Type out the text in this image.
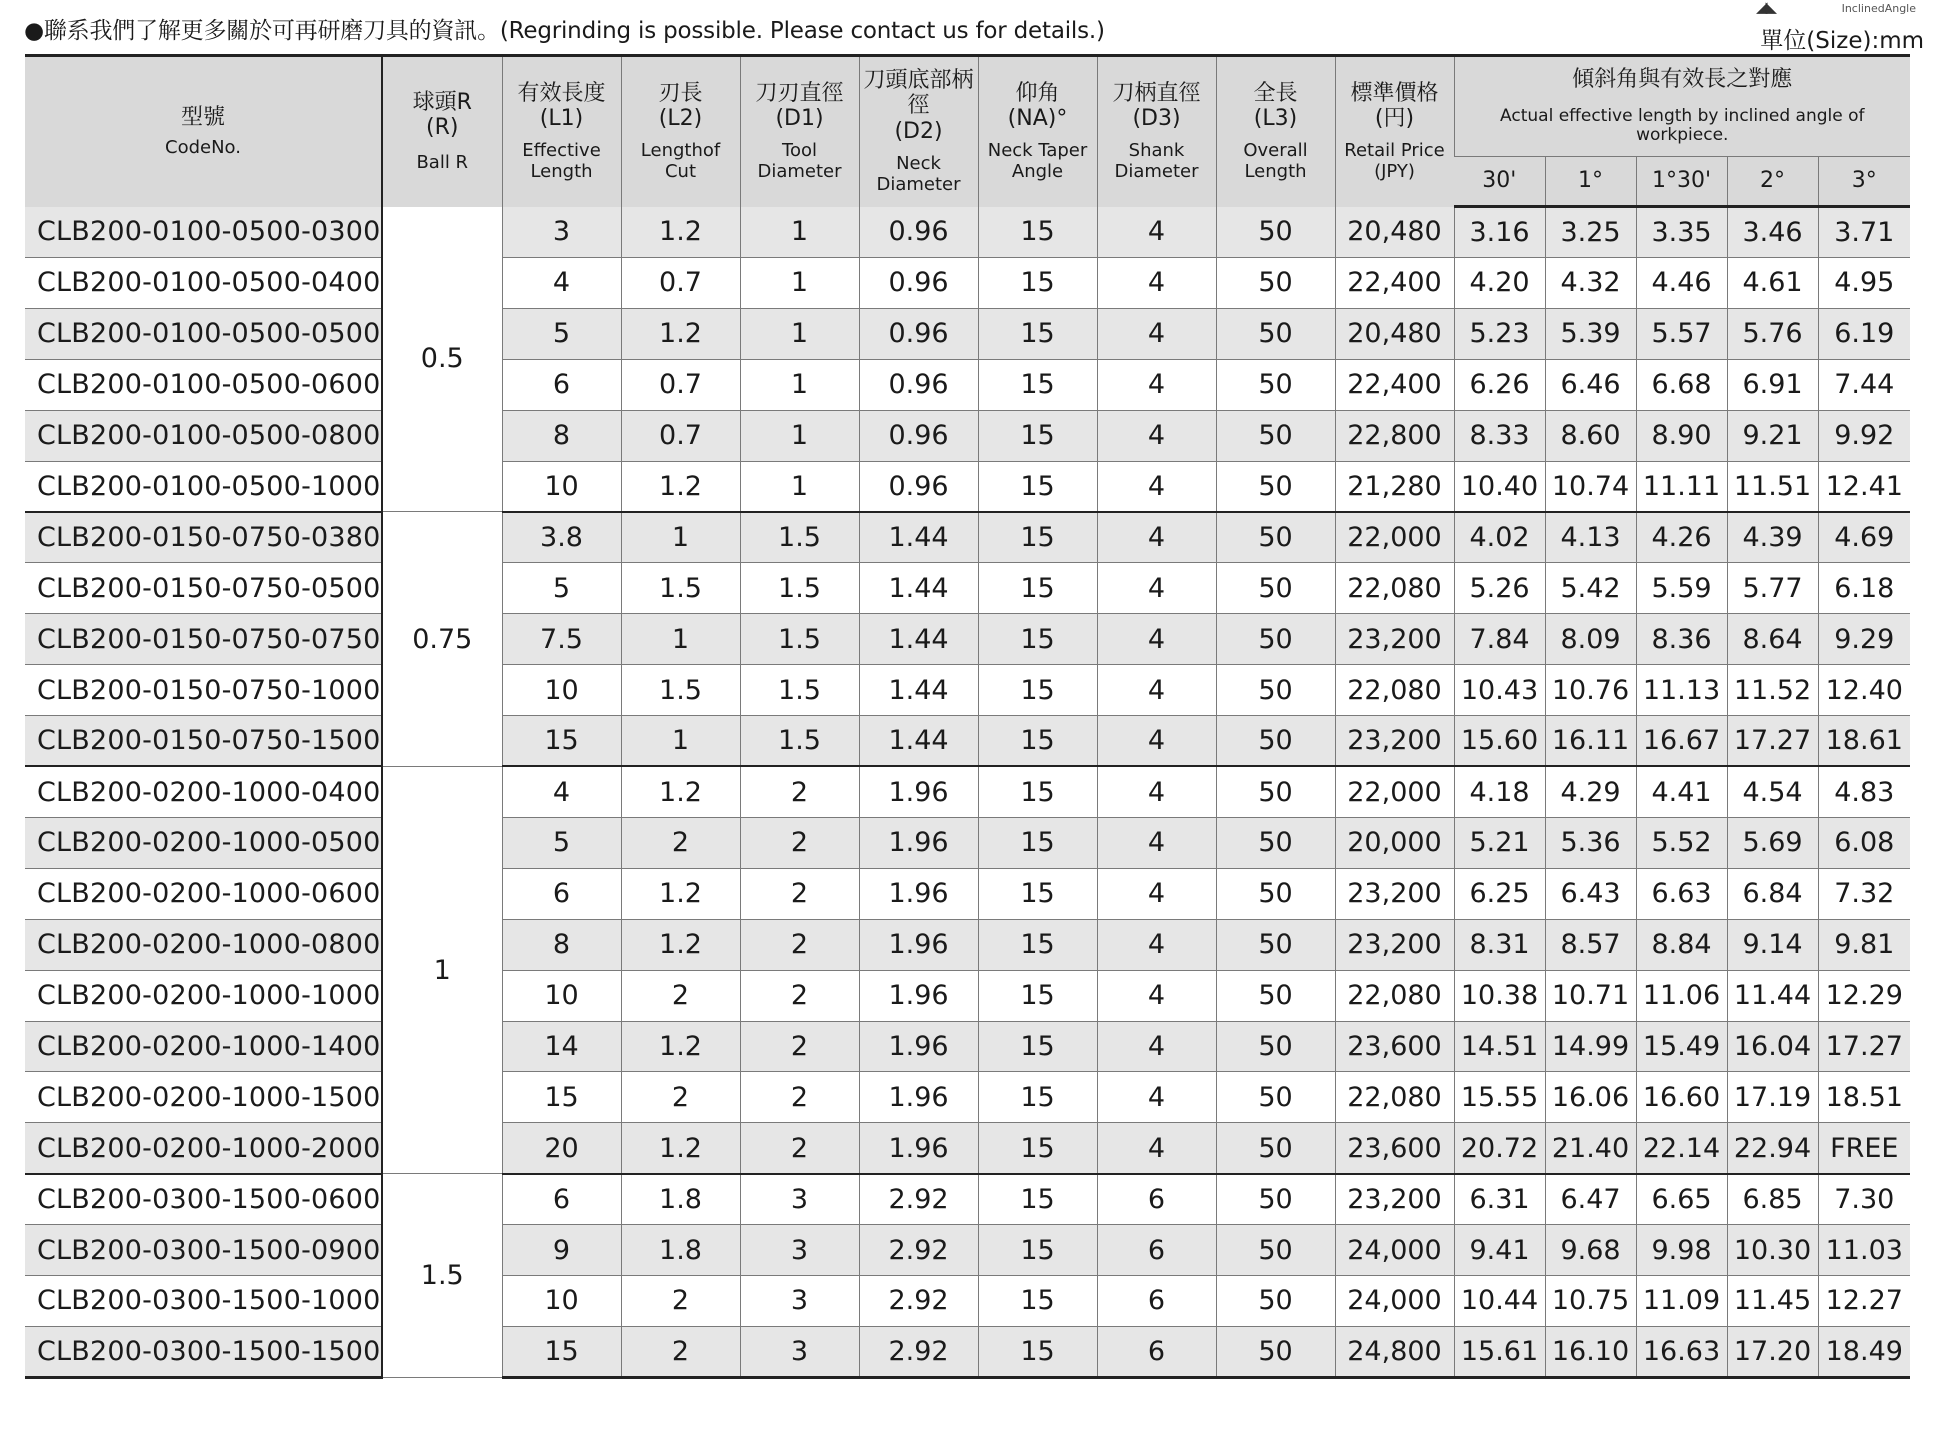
●聯系我們了解更多關於可再研磨刀具的資訊。(Regrinding is possible. Please contact us for details.)
◢◣	InclinedAngle
單位(Size):mm
型號
CodeNo.	球頭R
(R)
Ball R	有效長度
(L1)
Effective
Length	刃長
(L2)
Lengthof
Cut	刀刃直徑
(D1)
Tool
Diameter	刀頭底部柄徑
(D2)
Neck
Diameter	仰角
(NA)°
Neck Taper
Angle	刀柄直徑
(D3)
Shank
Diameter	全長
(L3)
Overall
Length	標準價格
(円)
Retail Price
(JPY)	傾斜角與有效長之對應
Actual effective length by inclined angle of workpiece.				

										30'	1°	1°30'	2°	3°
CLB200-0100-0500-0300	0.5	3	1.2	1	0.96	15	4	50	20,480	3.16	3.25	3.35	3.46	3.71
CLB200-0100-0500-0400		4	0.7	1	0.96	15	4	50	22,400	4.20	4.32	4.46	4.61	4.95
CLB200-0100-0500-0500		5	1.2	1	0.96	15	4	50	20,480	5.23	5.39	5.57	5.76	6.19
CLB200-0100-0500-0600		6	0.7	1	0.96	15	4	50	22,400	6.26	6.46	6.68	6.91	7.44
CLB200-0100-0500-0800		8	0.7	1	0.96	15	4	50	22,800	8.33	8.60	8.90	9.21	9.92
CLB200-0100-0500-1000		10	1.2	1	0.96	15	4	50	21,280	10.40	10.74	11.11	11.51	12.41
CLB200-0150-0750-0380	0.75	3.8	1	1.5	1.44	15	4	50	22,000	4.02	4.13	4.26	4.39	4.69
CLB200-0150-0750-0500		5	1.5	1.5	1.44	15	4	50	22,080	5.26	5.42	5.59	5.77	6.18
CLB200-0150-0750-0750		7.5	1	1.5	1.44	15	4	50	23,200	7.84	8.09	8.36	8.64	9.29
CLB200-0150-0750-1000		10	1.5	1.5	1.44	15	4	50	22,080	10.43	10.76	11.13	11.52	12.40
CLB200-0150-0750-1500		15	1	1.5	1.44	15	4	50	23,200	15.60	16.11	16.67	17.27	18.61
CLB200-0200-1000-0400	1	4	1.2	2	1.96	15	4	50	22,000	4.18	4.29	4.41	4.54	4.83
CLB200-0200-1000-0500		5	2	2	1.96	15	4	50	20,000	5.21	5.36	5.52	5.69	6.08
CLB200-0200-1000-0600		6	1.2	2	1.96	15	4	50	23,200	6.25	6.43	6.63	6.84	7.32
CLB200-0200-1000-0800		8	1.2	2	1.96	15	4	50	23,200	8.31	8.57	8.84	9.14	9.81
CLB200-0200-1000-1000		10	2	2	1.96	15	4	50	22,080	10.38	10.71	11.06	11.44	12.29
CLB200-0200-1000-1400		14	1.2	2	1.96	15	4	50	23,600	14.51	14.99	15.49	16.04	17.27
CLB200-0200-1000-1500		15	2	2	1.96	15	4	50	22,080	15.55	16.06	16.60	17.19	18.51
CLB200-0200-1000-2000		20	1.2	2	1.96	15	4	50	23,600	20.72	21.40	22.14	22.94	FREE
CLB200-0300-1500-0600	1.5	6	1.8	3	2.92	15	6	50	23,200	6.31	6.47	6.65	6.85	7.30
CLB200-0300-1500-0900		9	1.8	3	2.92	15	6	50	24,000	9.41	9.68	9.98	10.30	11.03
CLB200-0300-1500-1000		10	2	3	2.92	15	6	50	24,000	10.44	10.75	11.09	11.45	12.27
CLB200-0300-1500-1500		15	2	3	2.92	15	6	50	24,800	15.61	16.10	16.63	17.20	18.49
